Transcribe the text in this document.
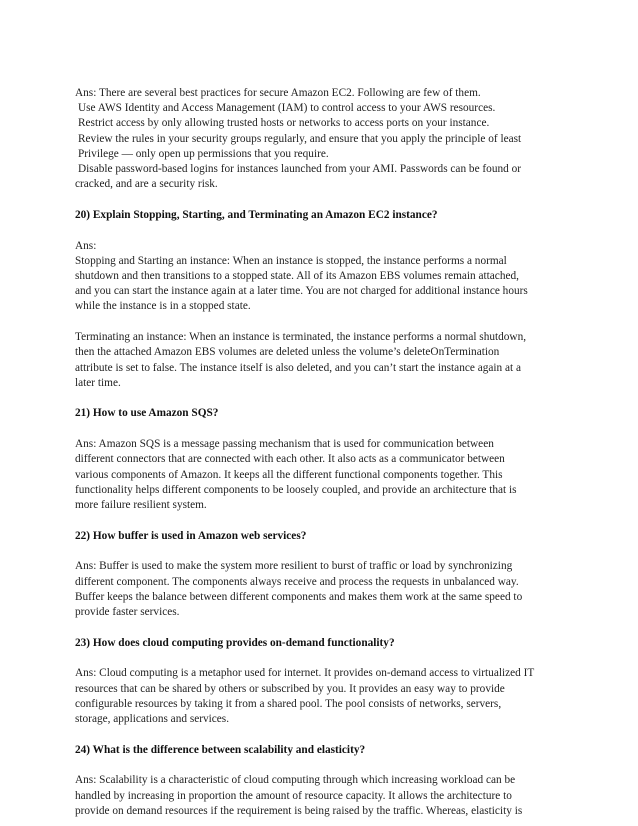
Ans: There are several best practices for secure Amazon EC2. Following are few of them.
Use AWS Identity and Access Management (IAM) to control access to your AWS resources.
Restrict access by only allowing trusted hosts or networks to access ports on your instance.
Review the rules in your security groups regularly, and ensure that you apply the principle of least
Privilege — only open up permissions that you require.
Disable password-based logins for instances launched from your AMI. Passwords can be found or
cracked, and are a security risk.
20) Explain Stopping, Starting, and Terminating an Amazon EC2 instance?
Ans:
Stopping and Starting an instance: When an instance is stopped, the instance performs a normal
shutdown and then transitions to a stopped state. All of its Amazon EBS volumes remain attached,
and you can start the instance again at a later time. You are not charged for additional instance hours
while the instance is in a stopped state.
Terminating an instance: When an instance is terminated, the instance performs a normal shutdown,
then the attached Amazon EBS volumes are deleted unless the volume’s deleteOnTermination
attribute is set to false. The instance itself is also deleted, and you can’t start the instance again at a
later time.
21) How to use Amazon SQS?
Ans: Amazon SQS is a message passing mechanism that is used for communication between
different connectors that are connected with each other. It also acts as a communicator between
various components of Amazon. It keeps all the different functional components together. This
functionality helps different components to be loosely coupled, and provide an architecture that is
more failure resilient system.
22) How buffer is used in Amazon web services?
Ans: Buffer is used to make the system more resilient to burst of traffic or load by synchronizing
different component. The components always receive and process the requests in unbalanced way.
Buffer keeps the balance between different components and makes them work at the same speed to
provide faster services.
23) How does cloud computing provides on-demand functionality?
Ans: Cloud computing is a metaphor used for internet. It provides on-demand access to virtualized IT
resources that can be shared by others or subscribed by you. It provides an easy way to provide
configurable resources by taking it from a shared pool. The pool consists of networks, servers,
storage, applications and services.
24) What is the difference between scalability and elasticity?
Ans: Scalability is a characteristic of cloud computing through which increasing workload can be
handled by increasing in proportion the amount of resource capacity. It allows the architecture to
provide on demand resources if the requirement is being raised by the traffic. Whereas, elasticity is
